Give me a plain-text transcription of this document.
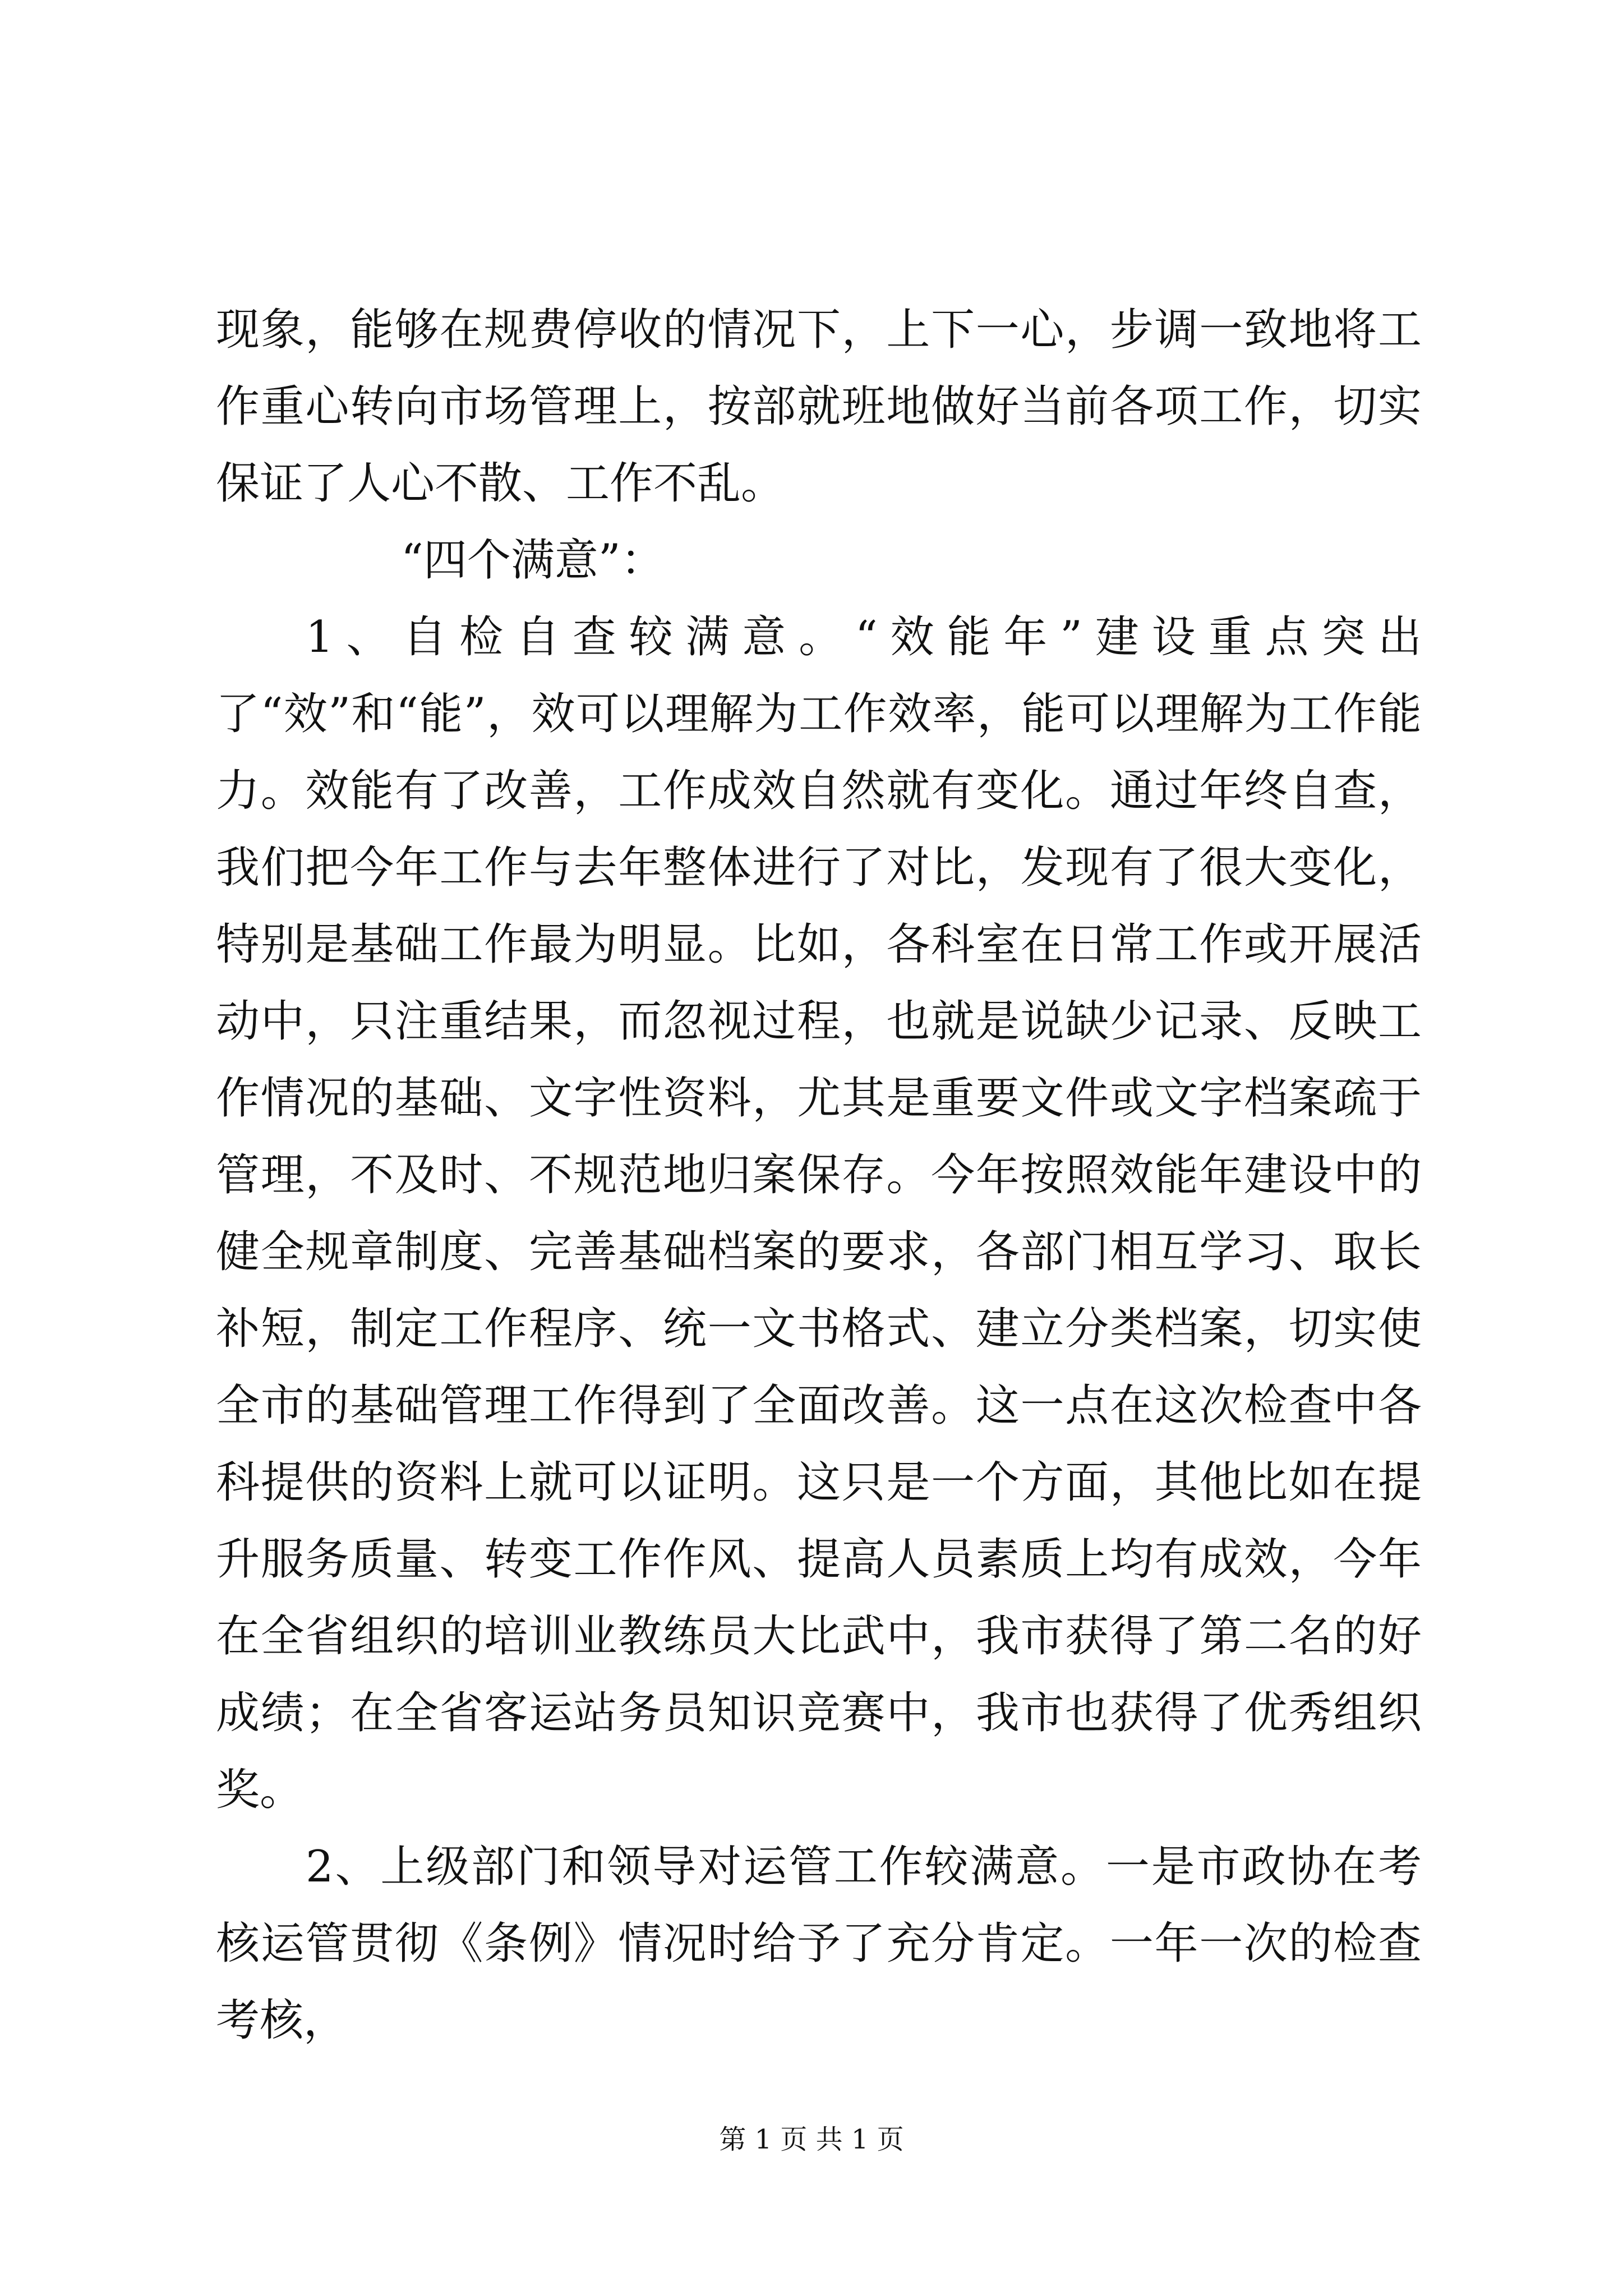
现象，能够在规费停收的情况下，上下一心，步调一致地将工作重心转向市场管理上，按部就班地做好当前各项工作，切实保证了人心不散、工作不乱。

“四个满意”：

1、自检自查较满意。“效能年”建设重点突出了“效”和“能”，效可以理解为工作效率，能可以理解为工作能力。效能有了改善，工作成效自然就有变化。通过年终自查，我们把今年工作与去年整体进行了对比，发现有了很大变化，特别是基础工作最为明显。比如，各科室在日常工作或开展活动中，只注重结果，而忽视过程，也就是说缺少记录、反映工作情况的基础、文字性资料，尤其是重要文件或文字档案疏于管理，不及时、不规范地归案保存。今年按照效能年建设中的健全规章制度、完善基础档案的要求，各部门相互学习、取长补短，制定工作程序、统一文书格式、建立分类档案，切实使全市的基础管理工作得到了全面改善。这一点在这次检查中各科提供的资料上就可以证明。这只是一个方面，其他比如在提升服务质量、转变工作作风、提高人员素质上均有成效，今年在全省组织的培训业教练员大比武中，我市获得了第二名的好成绩；在全省客运站务员知识竞赛中，我市也获得了优秀组织奖。

2、上级部门和领导对运管工作较满意。一是市政协在考核运管贯彻《条例》情况时给予了充分肯定。一年一次的检查考核，

第 1 页 共 1 页
